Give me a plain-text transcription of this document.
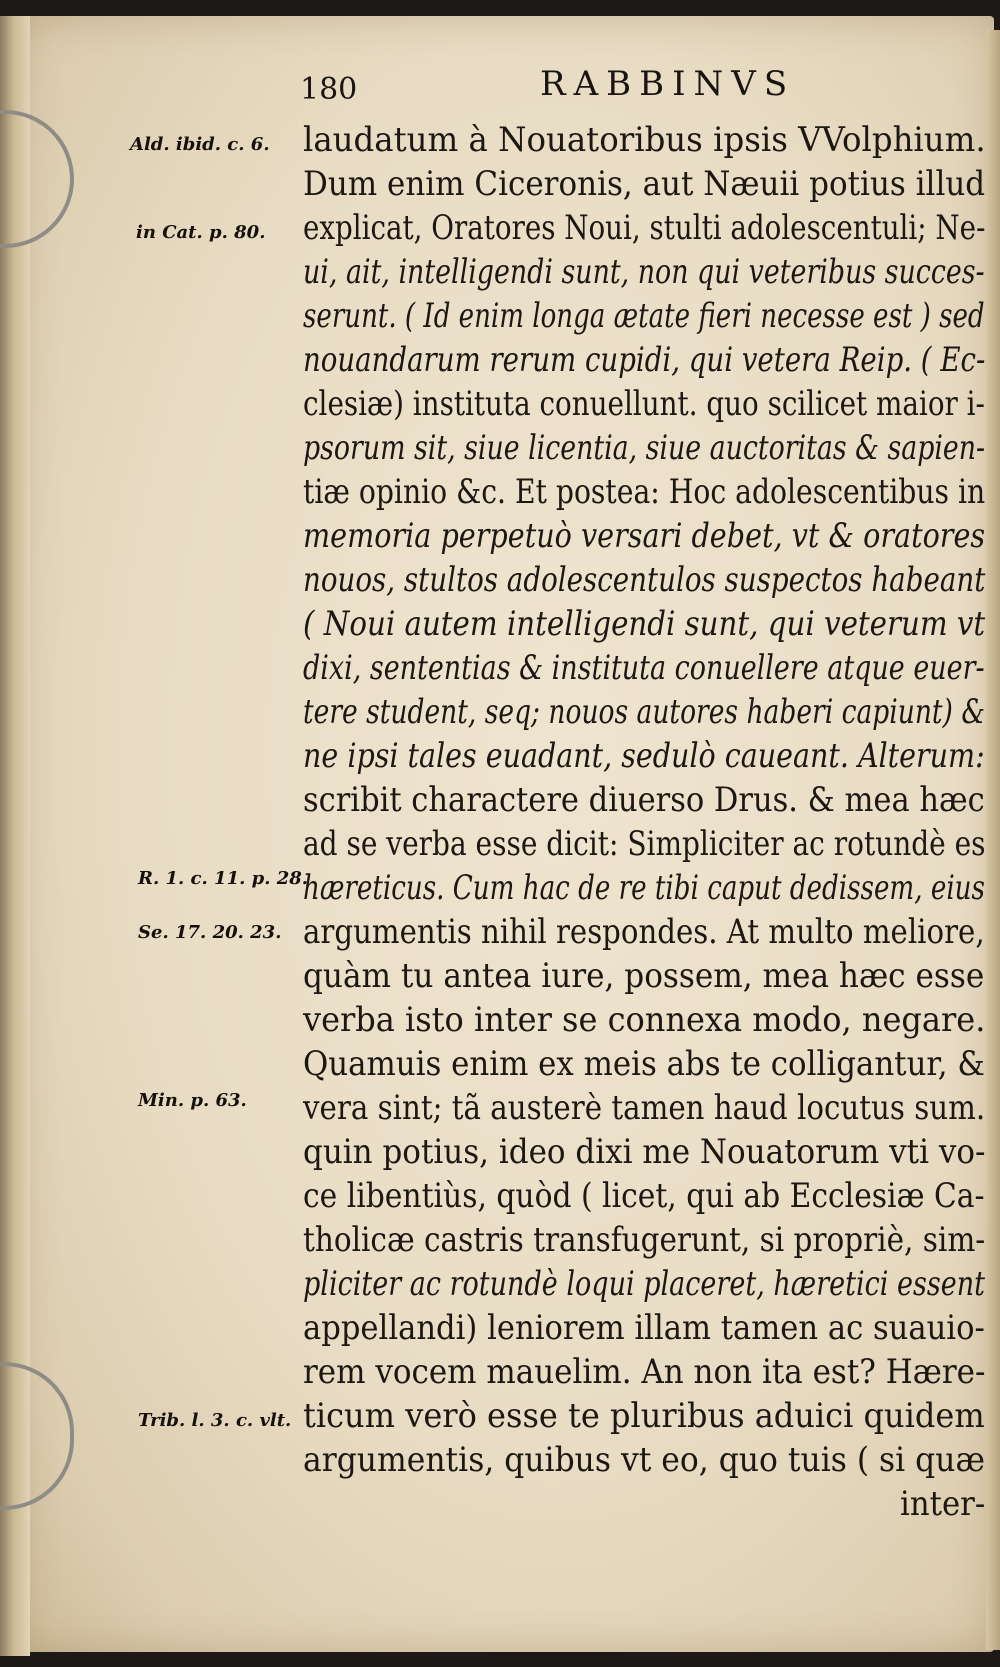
180	RABBINVS
laudatum à Nouatoribus ipsis VVolphium.
Dum enim Ciceronis, aut Næuii potius illud
explicat, Oratores Noui, stulti adolescentuli; Ne-
ui, ait, intelligendi sunt, non qui veteribus succes-
serunt. ( Id enim longa ætate fieri necesse est ) sed
nouandarum rerum cupidi, qui vetera Reip. ( Ec-
clesiæ) instituta conuellunt. quo scilicet maior i-
psorum sit, siue licentia, siue auctoritas & sapien-
tiæ opinio &c. Et postea: Hoc adolescentibus in
memoria perpetuò versari debet, vt & oratores
nouos, stultos adolescentulos suspectos habeant
( Noui autem intelligendi sunt, qui veterum vt
dixi, sententias & instituta conuellere atque euer-
tere student, seq; nouos autores haberi capiunt) &
ne ipsi tales euadant, sedulò caueant. Alterum:
scribit charactere diuerso Drus. & mea hæc
ad se verba esse dicit: Simpliciter ac rotundè es
hæreticus. Cum hac de re tibi caput dedissem, eius
argumentis nihil respondes. At multo meliore,
quàm tu antea iure, possem, mea hæc esse
verba isto inter se connexa modo, negare.
Quamuis enim ex meis abs te colligantur, &
vera sint; tã austerè tamen haud locutus sum.
quin potius, ideo dixi me Nouatorum vti vo-
ce libentiùs, quòd ( licet, qui ab Ecclesiæ Ca-
tholicæ castris transfugerunt, si propriè, sim-
pliciter ac rotundè loqui placeret, hæretici essent
appellandi) leniorem illam tamen ac suauio-
rem vocem mauelim. An non ita est? Hære-
ticum verò esse te pluribus aduici quidem
argumentis, quibus vt eo, quo tuis ( si quæ
inter-
Ald. ibid. c. 6.
in Cat. p. 80.
R. 1. c. 11. p. 28.
Se. 17. 20. 23.
Min. p. 63.
Trib. l. 3. c. vlt.
